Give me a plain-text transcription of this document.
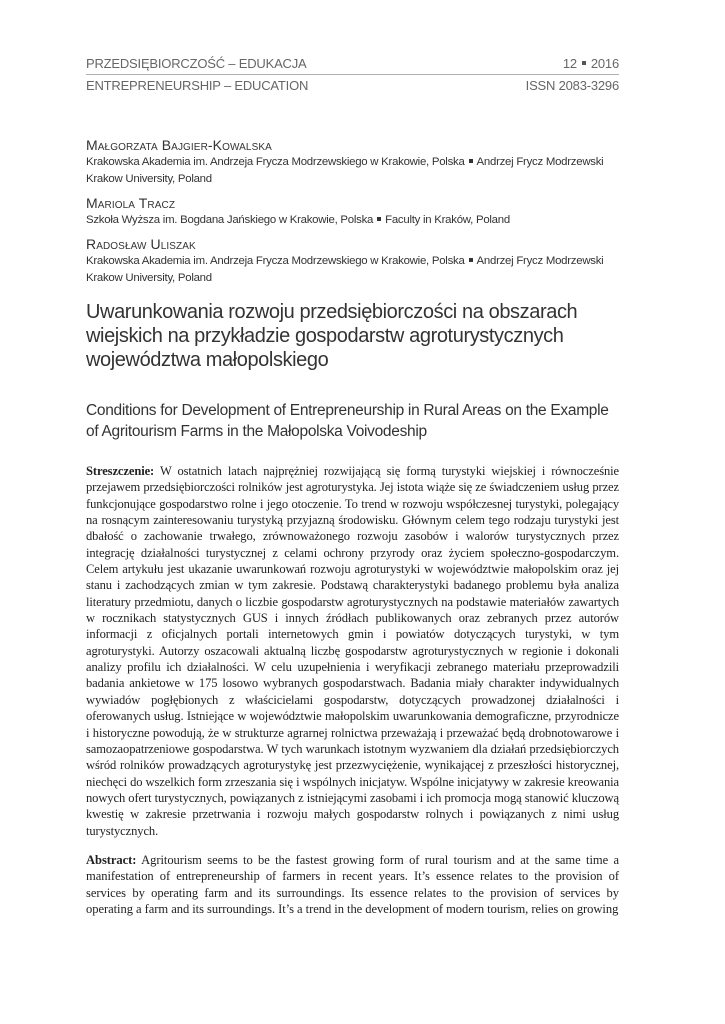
PRZEDSIĘBIORCZOŚĆ – EDUKACJA	12 2016
ENTREPRENEURSHIP – EDUCATION	ISSN 2083-3296
Małgorzata Bajgier-Kowalska
Krakowska Akademia im. Andrzeja Frycza Modrzewskiego w Krakowie, Polska Andrzej Frycz Modrzewski Krakow University, Poland
Mariola Tracz
Szkoła Wyższa im. Bogdana Jańskiego w Krakowie, Polska Faculty in Kraków, Poland
Radosław Uliszak
Krakowska Akademia im. Andrzeja Frycza Modrzewskiego w Krakowie, Polska Andrzej Frycz Modrzewski Krakow University, Poland
Uwarunkowania rozwoju przedsiębiorczości na obszarach wiejskich na przykładzie gospodarstw agroturystycznych województwa małopolskiego
Conditions for Development of Entrepreneurship in Rural Areas on the Example of Agritourism Farms in the Małopolska Voivodeship
Streszczenie: W ostatnich latach najprężniej rozwijającą się formą turystyki wiejskiej i równocześnie przejawem przedsiębiorczości rolników jest agroturystyka. Jej istota wiąże się ze świadczeniem usług przez funkcjonujące gospodarstwo rolne i jego otoczenie. To trend w rozwoju współczesnej turystyki, polegający na rosnącym zainteresowaniu turystyką przyjazną środowisku. Głównym celem tego rodzaju turystyki jest dbałość o zachowanie trwałego, zrównoważonego rozwoju zasobów i walorów turystycznych przez integrację działalności turystycznej z celami ochrony przyrody oraz życiem społeczno-gospodarczym. Celem artykułu jest ukazanie uwarunkowań rozwoju agroturystyki w województwie małopolskim oraz jej stanu i zachodzących zmian w tym zakresie. Podstawą charakterystyki badanego problemu była analiza literatury przedmiotu, danych o liczbie gospodarstw agroturystycznych na podstawie materiałów zawartych w rocznikach statystycznych GUS i innych źródłach publikowanych oraz zebranych przez autorów informacji z oficjalnych portali internetowych gmin i powiatów dotyczących turystyki, w tym agroturystyki. Autorzy oszacowali aktualną liczbę gospodarstw agroturystycznych w regionie i dokonali analizy profilu ich działalności. W celu uzupełnienia i weryfikacji zebranego materiału przeprowadzili badania ankietowe w 175 losowo wybranych gospodarstwach. Badania miały charakter indywidualnych wywiadów pogłębionych z właścicielami gospodarstw, dotyczących prowadzonej działalności i oferowanych usług. Istniejące w województwie małopolskim uwarunkowania demograficzne, przyrodnicze i historyczne powodują, że w strukturze agrarnej rolnictwa przeważają i przeważać będą drobnotowarowe i samozaopatrzeniowe gospodarstwa. W tych warunkach istotnym wyzwaniem dla działań przedsiębiorczych wśród rolników prowadzących agroturystykę jest przezwyciężenie, wynikającej z przeszłości historycznej, niechęci do wszelkich form zrzeszania się i wspólnych inicjatyw. Wspólne inicjatywy w zakresie kreowania nowych ofert turystycznych, powiązanych z istniejącymi zasobami i ich promocja mogą stanowić kluczową kwestię w zakresie przetrwania i rozwoju małych gospodarstw rolnych i powiązanych z nimi usług turystycznych.
Abstract: Agritourism seems to be the fastest growing form of rural tourism and at the same time a manifestation of entrepreneurship of farmers in recent years. It’s essence relates to the provision of services by operating farm and its surroundings. Its essence relates to the provision of services by operating a farm and its surroundings. It’s a trend in the development of modern tourism, relies on growing
